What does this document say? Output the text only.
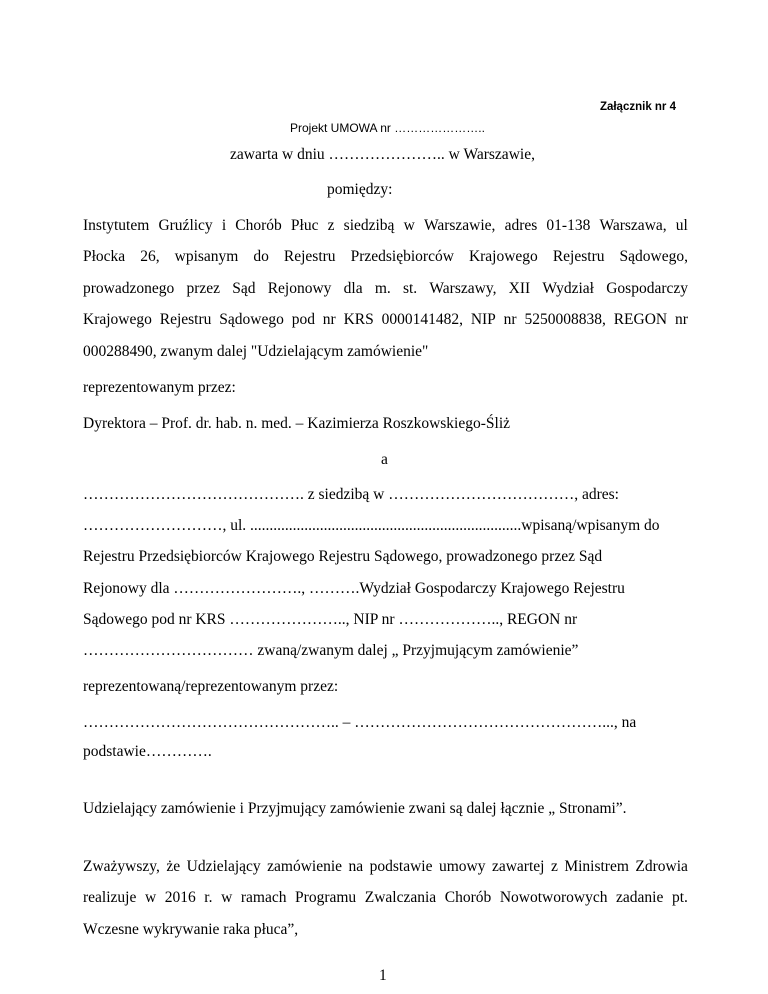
Załącznik nr 4
Projekt UMOWA nr …………………..
zawarta w dniu ………………….. w Warszawie,
pomiędzy:
Instytutem Gruźlicy i Chorób Płuc z siedzibą w Warszawie, adres 01-138 Warszawa, ul
Płocka 26, wpisanym do Rejestru Przedsiębiorców Krajowego Rejestru Sądowego,
prowadzonego przez Sąd Rejonowy dla m. st. Warszawy, XII Wydział Gospodarczy
Krajowego Rejestru Sądowego pod nr KRS 0000141482, NIP nr 5250008838, REGON nr
000288490, zwanym dalej "Udzielającym zamówienie"
reprezentowanym przez:
Dyrektora – Prof. dr. hab. n. med. – Kazimierza Roszkowskiego-Śliż
a
……………………………………. z siedzibą w ………………………………, adres:
………………………, ul. ......................................................................wpisaną/wpisanym do
Rejestru Przedsiębiorców Krajowego Rejestru Sądowego, prowadzonego przez Sąd
Rejonowy dla ……………………., ……….Wydział Gospodarczy Krajowego Rejestru
Sądowego pod nr KRS ………………….., NIP nr ……………….., REGON nr
…………………………… zwaną/zwanym dalej „ Przyjmującym zamówienie”
reprezentowaną/reprezentowanym przez:
………………………………………….. – …………………………………………..., na
podstawie………….
Udzielający zamówienie i Przyjmujący zamówienie zwani są dalej łącznie „ Stronami”.
Zważywszy, że Udzielający zamówienie na podstawie umowy zawartej z Ministrem Zdrowia
realizuje w 2016 r. w ramach Programu Zwalczania Chorób Nowotworowych zadanie pt.
Wczesne wykrywanie raka płuca”,
1
